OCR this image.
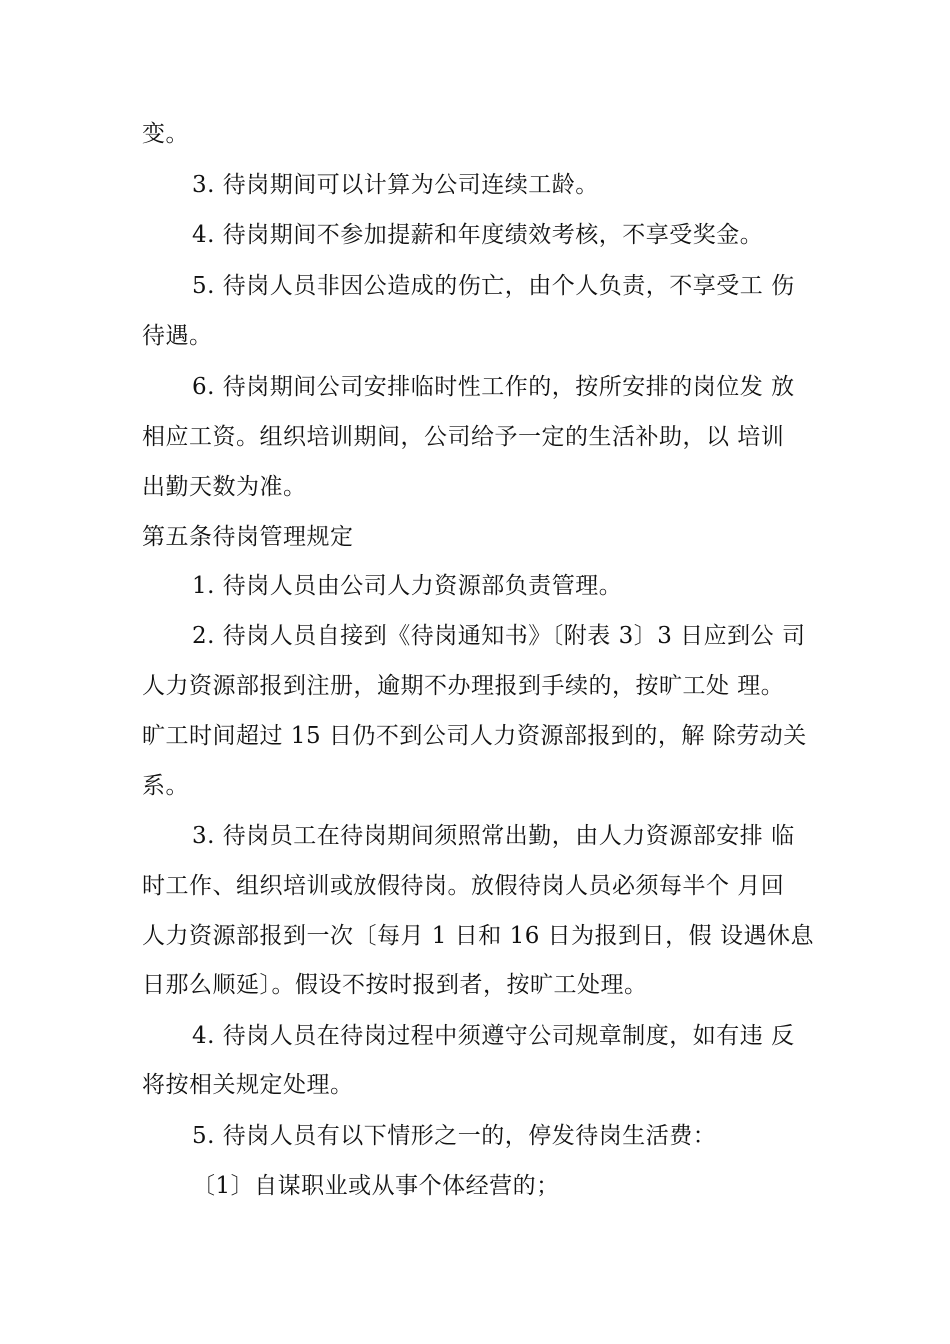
变。
3. 待岗期间可以计算为公司连续工龄。
4. 待岗期间不参加提薪和年度绩效考核，不享受奖金。
5. 待岗人员非因公造成的伤亡，由个人负责，不享受工 伤
待遇。
6. 待岗期间公司安排临时性工作的，按所安排的岗位发 放
相应工资。组织培训期间，公司给予一定的生活补助，以 培训
出勤天数为准。
第五条待岗管理规定
1. 待岗人员由公司人力资源部负责管理。
2. 待岗人员自接到《待岗通知书》〔附表 3〕3 日应到公 司
人力资源部报到注册，逾期不办理报到手续的，按旷工处 理。
旷工时间超过 15 日仍不到公司人力资源部报到的，解 除劳动关
系。
3. 待岗员工在待岗期间须照常出勤，由人力资源部安排 临
时工作、组织培训或放假待岗。放假待岗人员必须每半个 月回
人力资源部报到一次〔每月 1 日和 16 日为报到日，假 设遇休息
日那么顺延〕。假设不按时报到者，按旷工处理。
4. 待岗人员在待岗过程中须遵守公司规章制度，如有违 反
将按相关规定处理。
5. 待岗人员有以下情形之一的，停发待岗生活费：
〔1〕自谋职业或从事个体经营的；
